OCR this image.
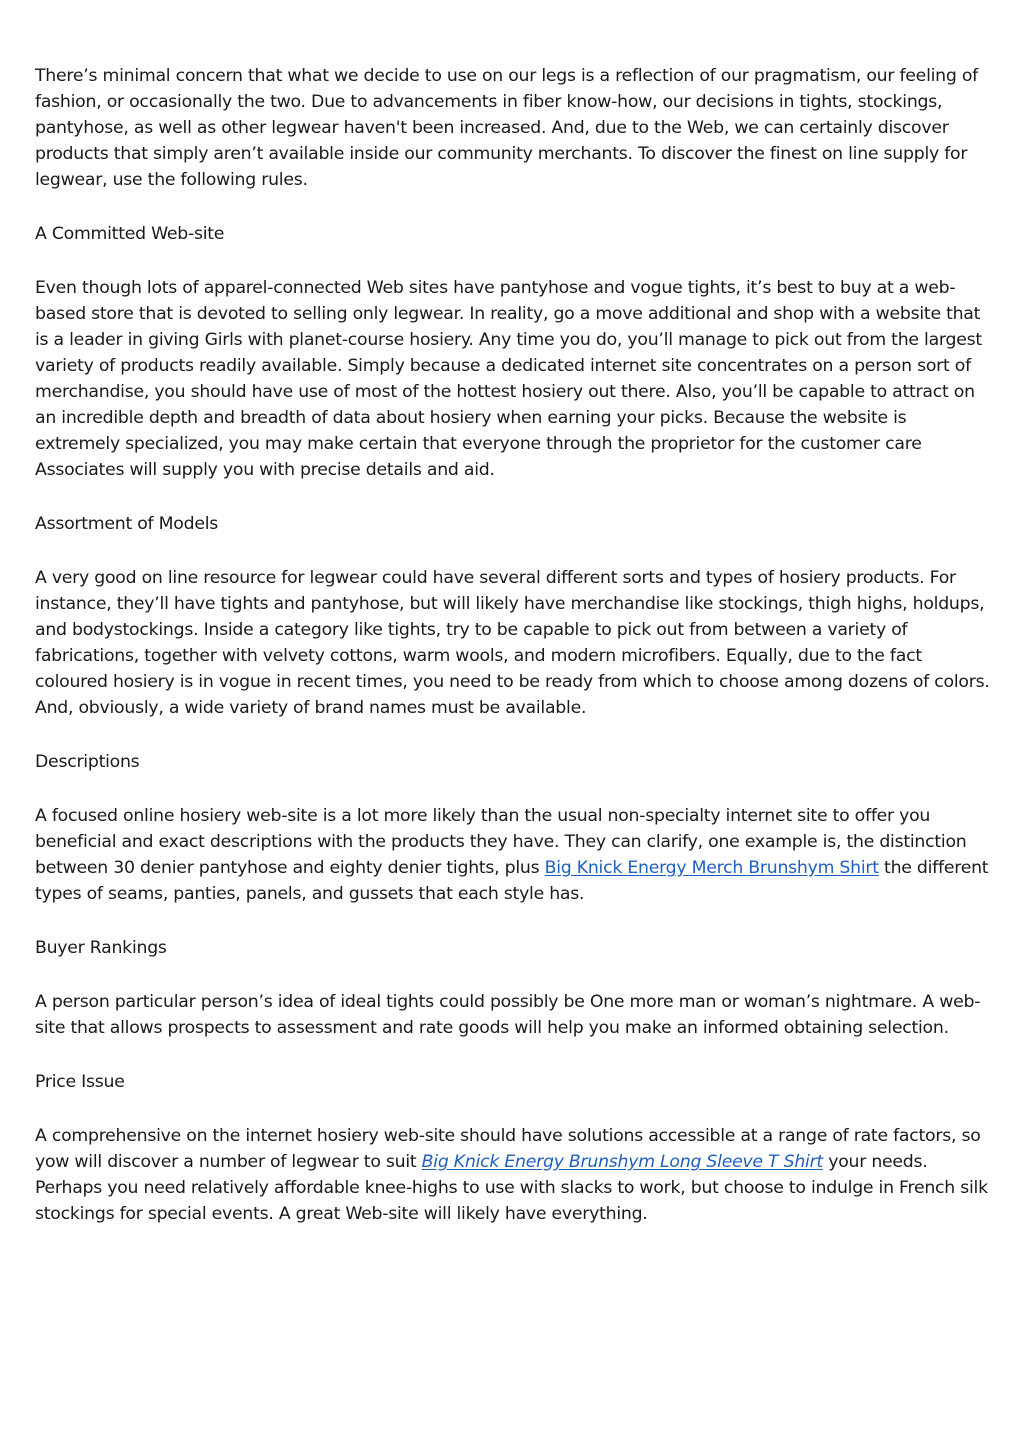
There’s minimal concern that what we decide to use on our legs is a reflection of our pragmatism, our feeling of fashion, or occasionally the two. Due to advancements in fiber know-how, our decisions in tights, stockings, pantyhose, as well as other legwear haven't been increased. And, due to the Web, we can certainly discover products that simply aren’t available inside our community merchants. To discover the finest on line supply for legwear, use the following rules.

A Committed Web-site

Even though lots of apparel-connected Web sites have pantyhose and vogue tights, it’s best to buy at a web-based store that is devoted to selling only legwear. In reality, go a move additional and shop with a website that is a leader in giving Girls with planet-course hosiery. Any time you do, you’ll manage to pick out from the largest variety of products readily available. Simply because a dedicated internet site concentrates on a person sort of merchandise, you should have use of most of the hottest hosiery out there. Also, you’ll be capable to attract on an incredible depth and breadth of data about hosiery when earning your picks. Because the website is extremely specialized, you may make certain that everyone through the proprietor for the customer care Associates will supply you with precise details and aid.

Assortment of Models

A very good on line resource for legwear could have several different sorts and types of hosiery products. For instance, they’ll have tights and pantyhose, but will likely have merchandise like stockings, thigh highs, holdups, and bodystockings. Inside a category like tights, try to be capable to pick out from between a variety of fabrications, together with velvety cottons, warm wools, and modern microfibers. Equally, due to the fact coloured hosiery is in vogue in recent times, you need to be ready from which to choose among dozens of colors. And, obviously, a wide variety of brand names must be available.

Descriptions

A focused online hosiery web-site is a lot more likely than the usual non-specialty internet site to offer you beneficial and exact descriptions with the products they have. They can clarify, one example is, the distinction between 30 denier pantyhose and eighty denier tights, plus Big Knick Energy Merch Brunshym Shirt the different types of seams, panties, panels, and gussets that each style has.

Buyer Rankings

A person particular person’s idea of ideal tights could possibly be One more man or woman’s nightmare. A web-site that allows prospects to assessment and rate goods will help you make an informed obtaining selection.

Price Issue

A comprehensive on the internet hosiery web-site should have solutions accessible at a range of rate factors, so yow will discover a number of legwear to suit Big Knick Energy Brunshym Long Sleeve T Shirt your needs. Perhaps you need relatively affordable knee-highs to use with slacks to work, but choose to indulge in French silk stockings for special events. A great Web-site will likely have everything.
